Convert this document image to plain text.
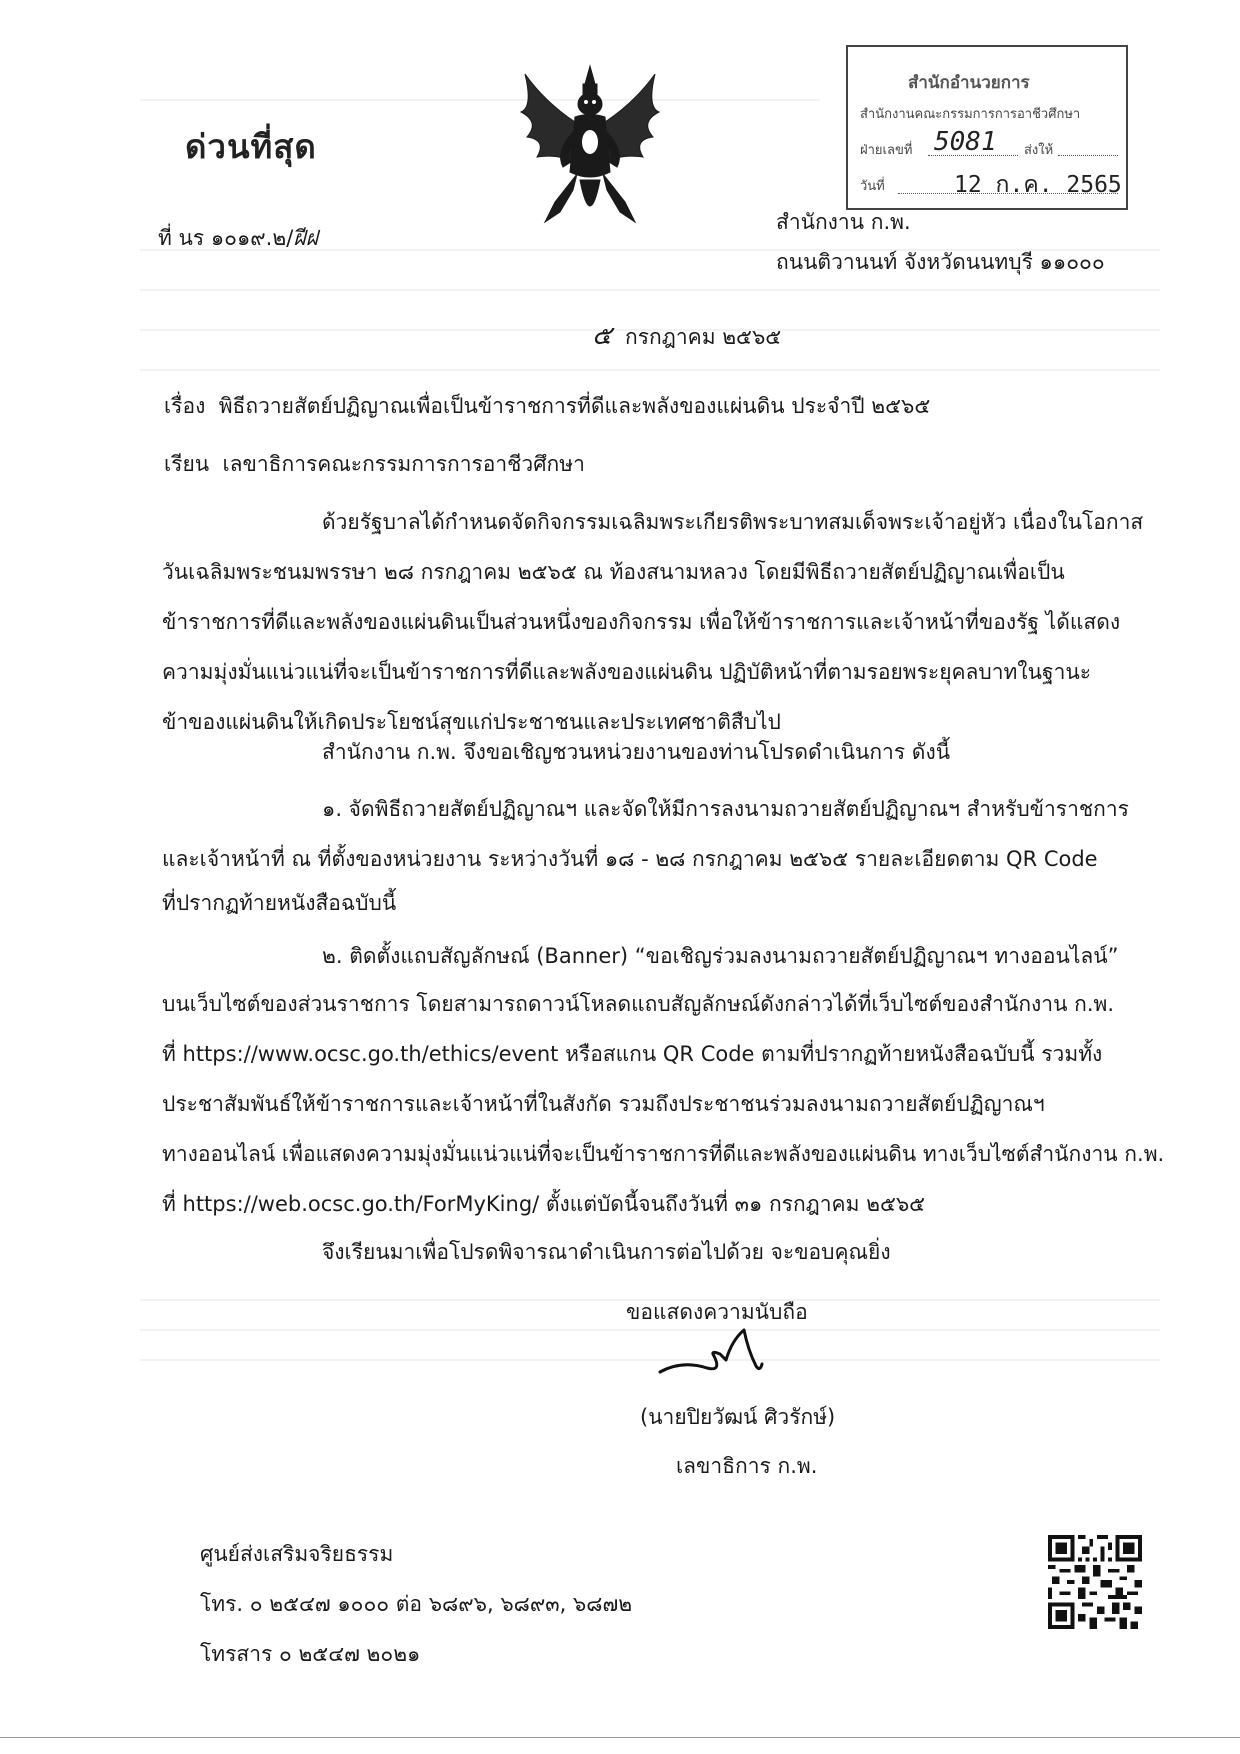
ด่วนที่สุด
สำนักอำนวยการ
สำนักงานคณะกรรมการการอาชีวศึกษา
ฝ่ายเลขที่ 5081 ส่งให้
วันที่	12 ก.ค. 2565
ที่ นร ๑๐๑๙.๒/ฝีฝ
สำนักงาน ก.พ.
ถนนติวานนท์ จังหวัดนนทบุรี ๑๑๐๐๐
๕ กรกฎาคม ๒๕๖๕
เรื่อง พิธีถวายสัตย์ปฏิญาณเพื่อเป็นข้าราชการที่ดีและพลังของแผ่นดิน ประจำปี ๒๕๖๕
เรียน เลขาธิการคณะกรรมการการอาชีวศึกษา
ด้วยรัฐบาลได้กำหนดจัดกิจกรรมเฉลิมพระเกียรติพระบาทสมเด็จพระเจ้าอยู่หัว เนื่องในโอกาส
วันเฉลิมพระชนมพรรษา ๒๘ กรกฎาคม ๒๕๖๕ ณ ท้องสนามหลวง โดยมีพิธีถวายสัตย์ปฏิญาณเพื่อเป็น
ข้าราชการที่ดีและพลังของแผ่นดินเป็นส่วนหนึ่งของกิจกรรม เพื่อให้ข้าราชการและเจ้าหน้าที่ของรัฐ ได้แสดง
ความมุ่งมั่นแน่วแน่ที่จะเป็นข้าราชการที่ดีและพลังของแผ่นดิน ปฏิบัติหน้าที่ตามรอยพระยุคลบาทในฐานะ
ข้าของแผ่นดินให้เกิดประโยชน์สุขแก่ประชาชนและประเทศชาติสืบไป
สำนักงาน ก.พ. จึงขอเชิญชวนหน่วยงานของท่านโปรดดำเนินการ ดังนี้
๑. จัดพิธีถวายสัตย์ปฏิญาณฯ และจัดให้มีการลงนามถวายสัตย์ปฏิญาณฯ สำหรับข้าราชการ
และเจ้าหน้าที่ ณ ที่ตั้งของหน่วยงาน ระหว่างวันที่ ๑๘ - ๒๘ กรกฎาคม ๒๕๖๕ รายละเอียดตาม QR Code
ที่ปรากฏท้ายหนังสือฉบับนี้
๒. ติดตั้งแถบสัญลักษณ์ (Banner) “ขอเชิญร่วมลงนามถวายสัตย์ปฏิญาณฯ ทางออนไลน์”
บนเว็บไซต์ของส่วนราชการ โดยสามารถดาวน์โหลดแถบสัญลักษณ์ดังกล่าวได้ที่เว็บไซต์ของสำนักงาน ก.พ.
ที่ https://www.ocsc.go.th/ethics/event หรือสแกน QR Code ตามที่ปรากฏท้ายหนังสือฉบับนี้ รวมทั้ง
ประชาสัมพันธ์ให้ข้าราชการและเจ้าหน้าที่ในสังกัด รวมถึงประชาชนร่วมลงนามถวายสัตย์ปฏิญาณฯ
ทางออนไลน์ เพื่อแสดงความมุ่งมั่นแน่วแน่ที่จะเป็นข้าราชการที่ดีและพลังของแผ่นดิน ทางเว็บไซต์สำนักงาน ก.พ.
ที่ https://web.ocsc.go.th/ForMyKing/ ตั้งแต่บัดนี้จนถึงวันที่ ๓๑ กรกฎาคม ๒๕๖๕
จึงเรียนมาเพื่อโปรดพิจารณาดำเนินการต่อไปด้วย จะขอบคุณยิ่ง
ขอแสดงความนับถือ
(นายปิยวัฒน์ ศิวรักษ์)
เลขาธิการ ก.พ.
ศูนย์ส่งเสริมจริยธรรม
โทร. ๐ ๒๕๔๗ ๑๐๐๐ ต่อ ๖๘๙๖, ๖๘๙๓, ๖๘๗๒
โทรสาร ๐ ๒๕๔๗ ๒๐๒๑
